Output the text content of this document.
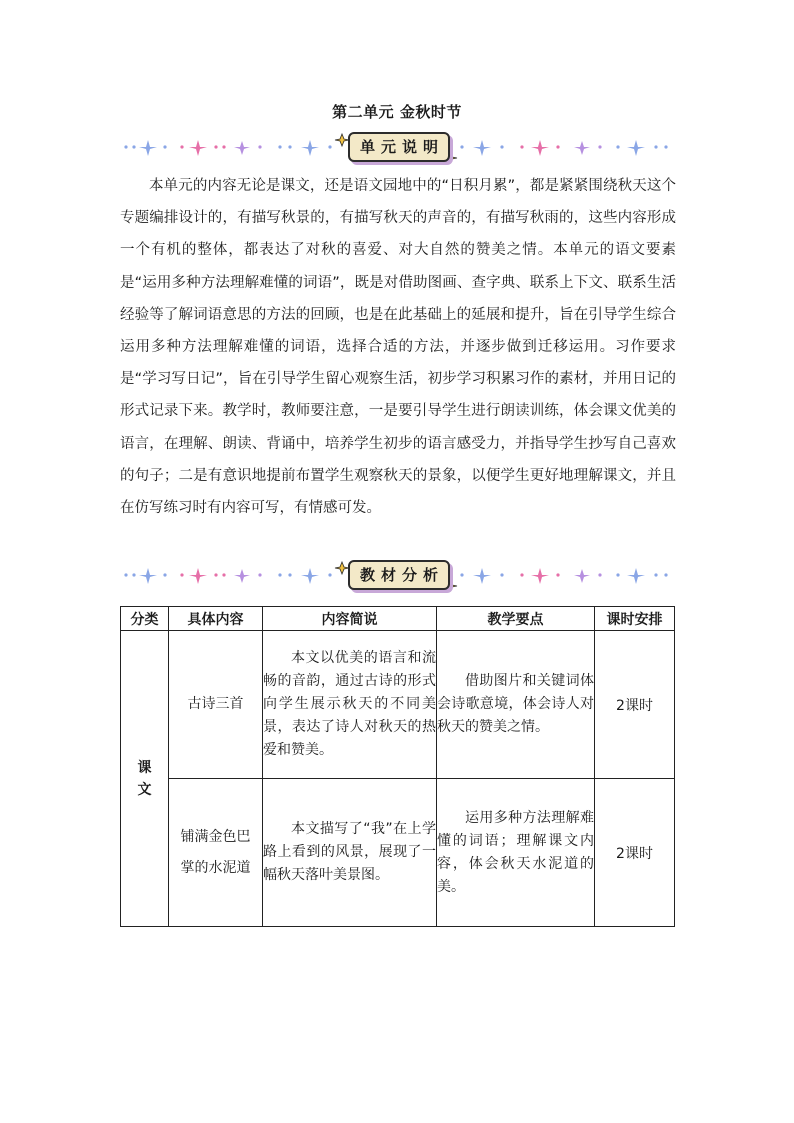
第二单元 金秋时节
单元说明
本单元的内容无论是课文，还是语文园地中的“日积月累”，都是紧紧围绕秋天这个专题编排设计的，有描写秋景的，有描写秋天的声音的，有描写秋雨的，这些内容形成一个有机的整体，都表达了对秋的喜爱、对大自然的赞美之情。本单元的语文要素是“运用多种方法理解难懂的词语”，既是对借助图画、查字典、联系上下文、联系生活经验等了解词语意思的方法的回顾，也是在此基础上的延展和提升，旨在引导学生综合运用多种方法理解难懂的词语，选择合适的方法，并逐步做到迁移运用。习作要求是“学习写日记”，旨在引导学生留心观察生活，初步学习积累习作的素材，并用日记的形式记录下来。教学时，教师要注意，一是要引导学生进行朗读训练，体会课文优美的语言，在理解、朗读、背诵中，培养学生初步的语言感受力，并指导学生抄写自己喜欢的句子；二是有意识地提前布置学生观察秋天的景象，以便学生更好地理解课文，并且在仿写练习时有内容可写，有情感可发。
教材分析
分类	具体内容	内容简说	教学要点	课时安排

课文	古诗三首	本文以优美的语言和流畅的音韵，通过古诗的形式向学生展示秋天的不同美景，表达了诗人对秋天的热爱和赞美。	借助图片和关键词体会诗歌意境，体会诗人对秋天的赞美之情。	2课时

	铺满金色巴掌的水泥道	本文描写了“我”在上学路上看到的风景，展现了一幅秋天落叶美景图。	运用多种方法理解难懂的词语；理解课文内容，体会秋天水泥道的美。	2课时
